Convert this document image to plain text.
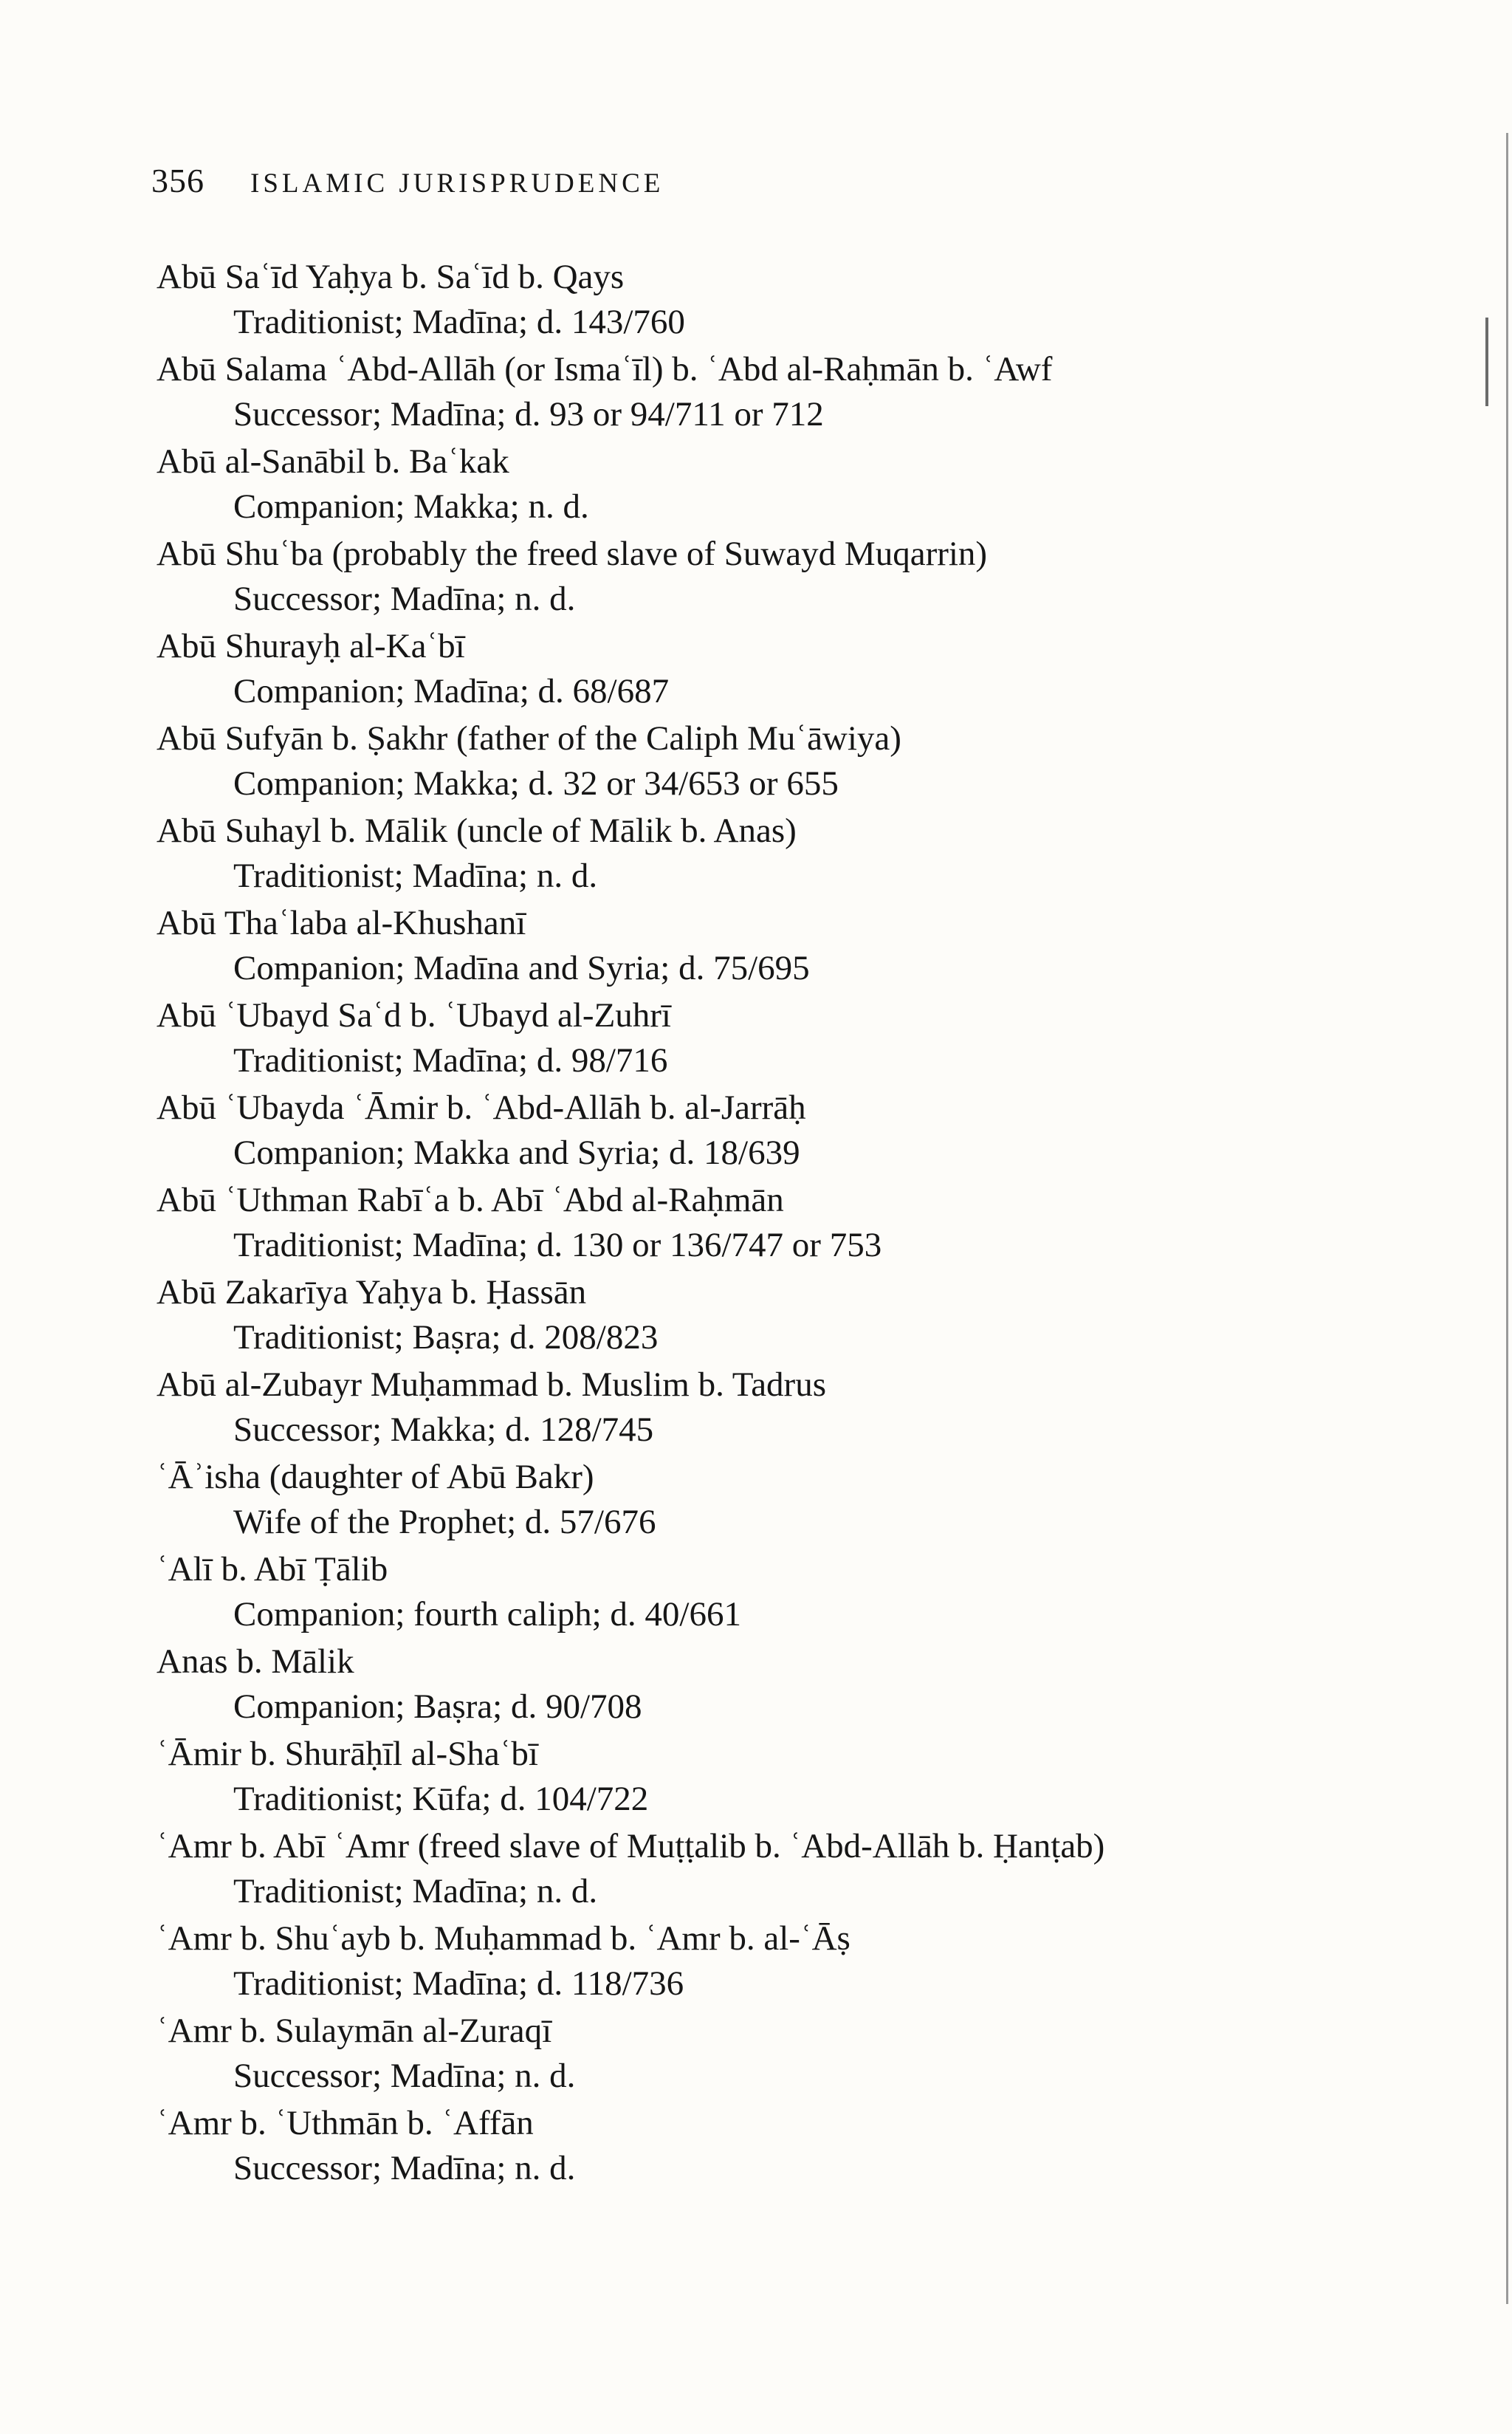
356 ISLAMIC JURISPRUDENCE
Abū Saʿīd Yaḥya b. Saʿīd b. Qays
Traditionist; Madīna; d. 143/760
Abū Salama ʿAbd-Allāh (or Ismaʿīl) b. ʿAbd al-Raḥmān b. ʿAwf
Successor; Madīna; d. 93 or 94/711 or 712
Abū al-Sanābil b. Baʿkak
Companion; Makka; n. d.
Abū Shuʿba (probably the freed slave of Suwayd Muqarrin)
Successor; Madīna; n. d.
Abū Shurayḥ al-Kaʿbī
Companion; Madīna; d. 68/687
Abū Sufyān b. Ṣakhr (father of the Caliph Muʿāwiya)
Companion; Makka; d. 32 or 34/653 or 655
Abū Suhayl b. Mālik (uncle of Mālik b. Anas)
Traditionist; Madīna; n. d.
Abū Thaʿlaba al-Khushanī
Companion; Madīna and Syria; d. 75/695
Abū ʿUbayd Saʿd b. ʿUbayd al-Zuhrī
Traditionist; Madīna; d. 98/716
Abū ʿUbayda ʿĀmir b. ʿAbd-Allāh b. al-Jarrāḥ
Companion; Makka and Syria; d. 18/639
Abū ʿUthman Rabīʿa b. Abī ʿAbd al-Raḥmān
Traditionist; Madīna; d. 130 or 136/747 or 753
Abū Zakarīya Yaḥya b. Ḥassān
Traditionist; Baṣra; d. 208/823
Abū al-Zubayr Muḥammad b. Muslim b. Tadrus
Successor; Makka; d. 128/745
ʿĀʾisha (daughter of Abū Bakr)
Wife of the Prophet; d. 57/676
ʿAlī b. Abī Ṭālib
Companion; fourth caliph; d. 40/661
Anas b. Mālik
Companion; Baṣra; d. 90/708
ʿĀmir b. Shurāḥīl al-Shaʿbī
Traditionist; Kūfa; d. 104/722
ʿAmr b. Abī ʿAmr (freed slave of Muṭṭalib b. ʿAbd-Allāh b. Ḥanṭab)
Traditionist; Madīna; n. d.
ʿAmr b. Shuʿayb b. Muḥammad b. ʿAmr b. al-ʿĀṣ
Traditionist; Madīna; d. 118/736
ʿAmr b. Sulaymān al-Zuraqī
Successor; Madīna; n. d.
ʿAmr b. ʿUthmān b. ʿAffān
Successor; Madīna; n. d.
